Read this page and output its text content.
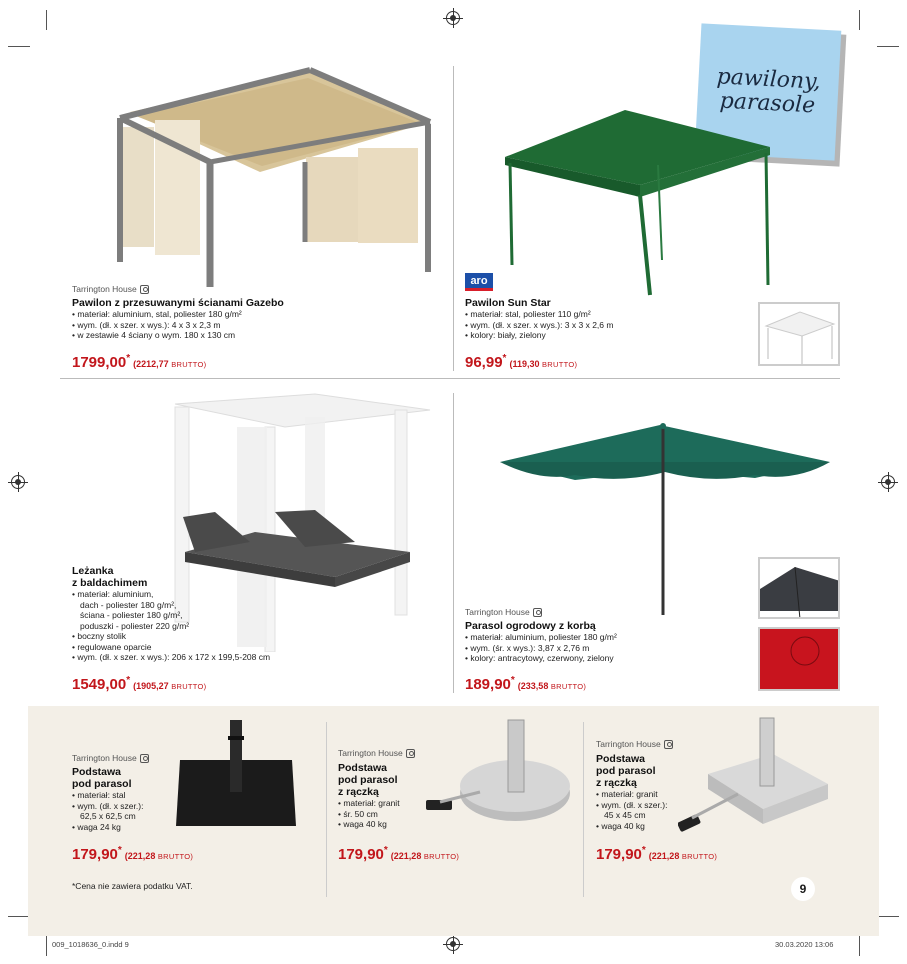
pawilony,
parasole
Tarrington House
Pawilon z przesuwanymi ścianami Gazebo
• materiał: aluminium, stal, poliester 180 g/m²
• wym. (dł. x szer. x wys.): 4 x 3 x 2,3 m
• w zestawie 4 ściany o wym. 180 x 130 cm
1799,00* (2212,77 BRUTTO)
aro
Pawilon Sun Star
• materiał: stal, poliester 110 g/m²
• wym. (dł. x szer. x wys.): 3 x 3 x 2,6 m
• kolory: biały, zielony
96,99* (119,30 BRUTTO)
Leżanka
z baldachimem
• materiał: aluminium,
dach - poliester 180 g/m²,
ściana - poliester 180 g/m²,
poduszki - poliester 220 g/m²
• boczny stolik
• regulowane oparcie
• wym. (dł. x szer. x wys.): 206 x 172 x 199,5-208 cm
1549,00* (1905,27 BRUTTO)
Tarrington House
Parasol ogrodowy z korbą
• materiał: aluminium, poliester 180 g/m²
• wym. (śr. x wys.): 3,87 x 2,76 m
• kolory: antracytowy, czerwony, zielony
189,90* (233,58 BRUTTO)
Tarrington House
Podstawa
pod parasol
• materiał: stal
• wym. (dł. x szer.):
62,5 x 62,5 cm
• waga 24 kg
179,90* (221,28 BRUTTO)
Tarrington House
Podstawa
pod parasol
z rączką
• materiał: granit
• śr. 50 cm
• waga 40 kg
179,90* (221,28 BRUTTO)
Tarrington House
Podstawa
pod parasol
z rączką
• materiał: granit
• wym. (dł. x szer.):
45 x 45 cm
• waga 40 kg
179,90* (221,28 BRUTTO)
*Cena nie zawiera podatku VAT.	9
009_1018636_0.indd 9	30.03.2020 13:06
